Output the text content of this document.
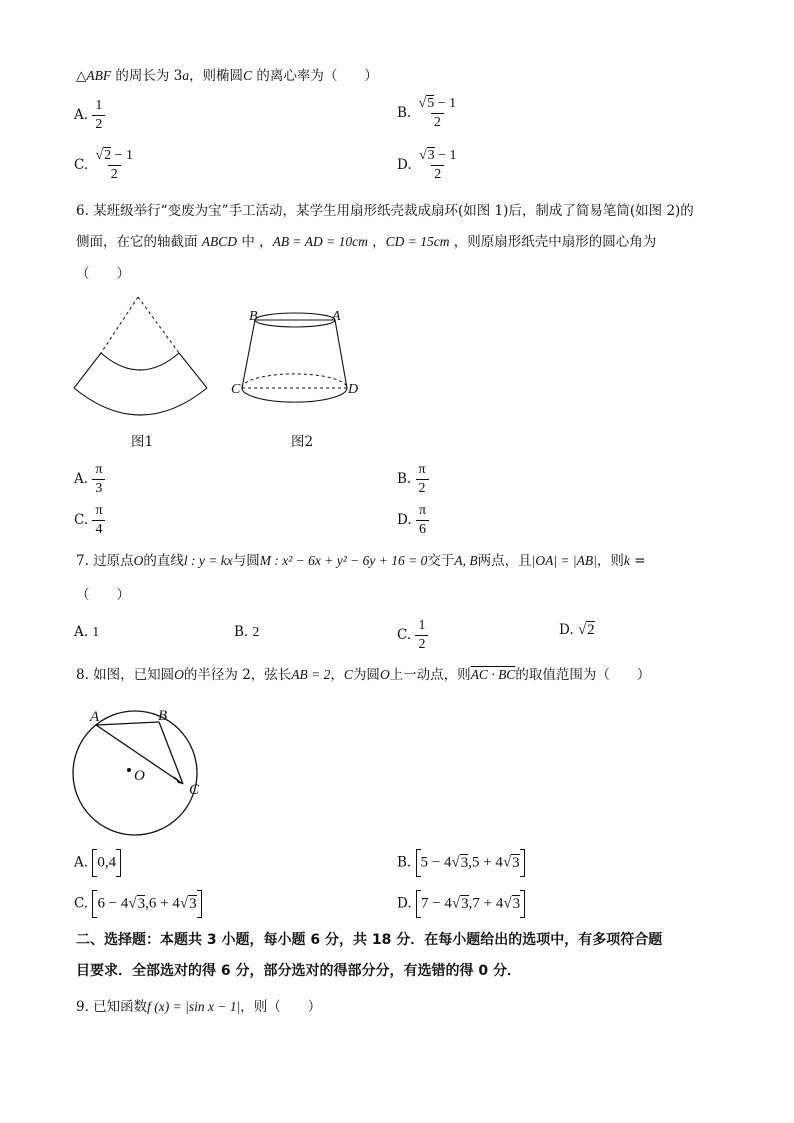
△ABF 的周长为 3a，则椭圆C 的离心率为（　　）
A. $\frac{1}{2}$	B. $\frac{√5 - 1}{2}$
C. $\frac{√2 - 1}{2}$	D. $\frac{√3 - 1}{2}$
6. 某班级举行“变废为宝”手工活动，某学生用扇形纸壳裁成扇环(如图 1)后，制成了简易笔筒(如图 2)的
侧面，在它的轴截面 ABCD 中 ，AB = AD = 10cm ，CD = 15cm ，则原扇形纸壳中扇形的圆心角为
（　　）
B	A
C	D
图1	图2
A. $\frac{\pi}{3}$	B. $\frac{\pi}{2}$
C. $\frac{\pi}{4}$	D. $\frac{\pi}{6}$
7. 过原点O的直线l : y = kx与圆M : x² − 6x + y² − 6y + 16 = 0交于A, B两点，且|OA| = |AB|，则k =
（　　）
A. 1	B. 2	C. $\frac{1}{2}$	D. √2
8. 如图，已知圆O的半径为 2，弦长AB = 2，C为圆O上一动点，则AC · BC的取值范围为（　　）
A	B
O
C
A. 0,4	B. 5 − 4√3,5 + 4√3
C. 6 − 4√3,6 + 4√3	D. 7 − 4√3,7 + 4√3
二、选择题：本题共 3 小题，每小题 6 分，共 18 分．在每小题给出的选项中，有多项符合题
目要求．全部选对的得 6 分，部分选对的得部分分，有选错的得 0 分．
9. 已知函数f (x) = |sin x − 1|，则（　　）
